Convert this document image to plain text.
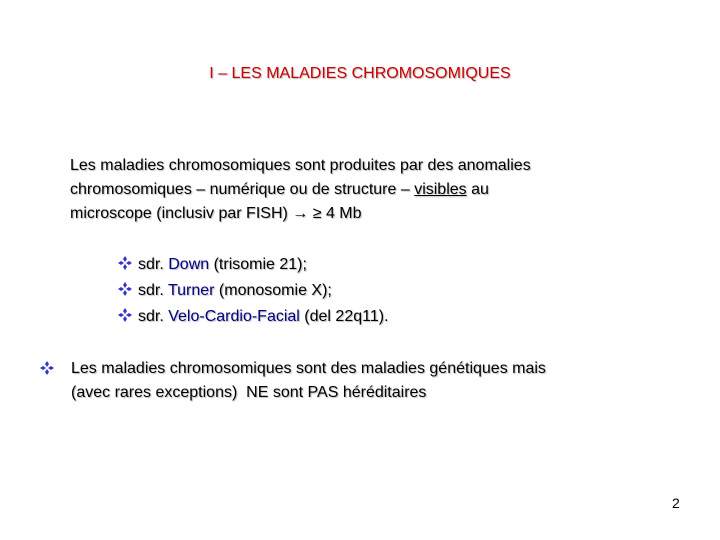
I – LES MALADIES CHROMOSOMIQUES
Les maladies chromosomiques sont produites par des anomalies
chromosomiques – numérique ou de structure – visibles au
microscope (inclusiv par FISH) → ≥ 4 Mb
sdr. Down (trisomie 21);
sdr. Turner (monosomie X);
sdr. Velo-Cardio-Facial (del 22q11).
Les maladies chromosomiques sont des maladies génétiques mais
(avec rares exceptions)  NE sont PAS héréditaires
2
